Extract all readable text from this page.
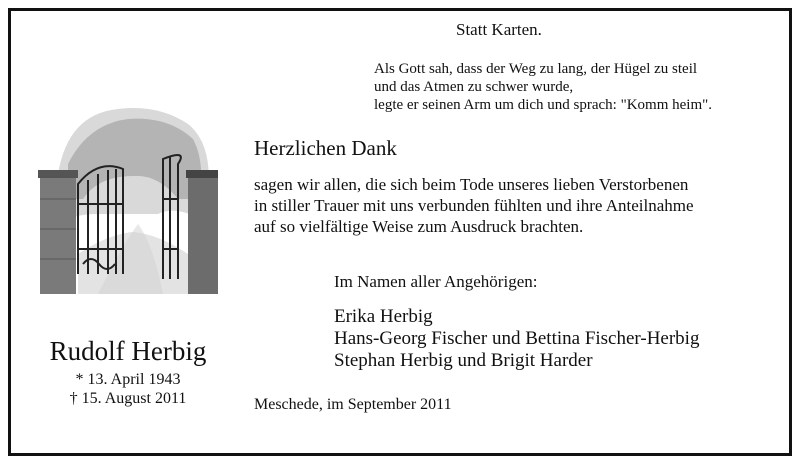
Statt Karten.
Als Gott sah, dass der Weg zu lang, der Hügel zu steil
und das Atmen zu schwer wurde,
legte er seinen Arm um dich und sprach: "Komm heim".
Herzlichen Dank
sagen wir allen, die sich beim Tode unseres lieben Verstorbenen
in stiller Trauer mit uns verbunden fühlten und ihre Anteilnahme
auf so vielfältige Weise zum Ausdruck brachten.
Im Namen aller Angehörigen:
Erika Herbig
Hans-Georg Fischer und Bettina Fischer-Herbig
Stephan Herbig und Brigit Harder
Rudolf Herbig
* 13. April 1943
† 15. August 2011	Meschede, im September 2011
